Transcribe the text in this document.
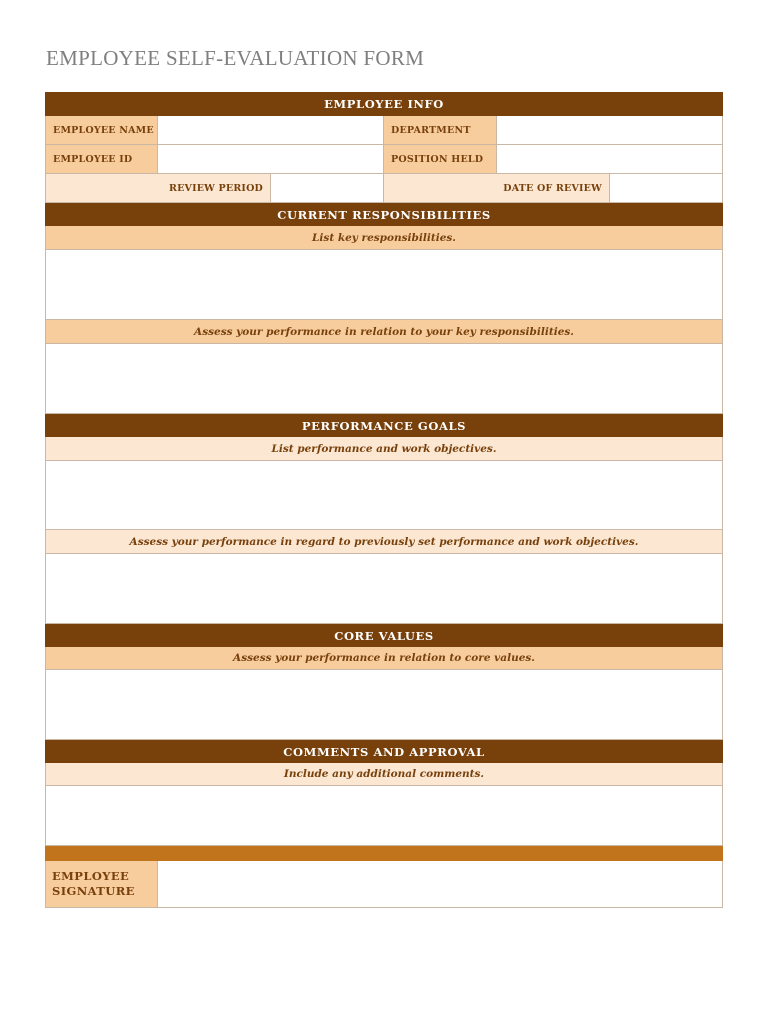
EMPLOYEE SELF-EVALUATION FORM
EMPLOYEE INFO
EMPLOYEE NAME	DEPARTMENT
EMPLOYEE ID	POSITION HELD
REVIEW PERIOD	DATE OF REVIEW
CURRENT RESPONSIBILITIES
List key responsibilities.
Assess your performance in relation to your key responsibilities.
PERFORMANCE GOALS
List performance and work objectives.
Assess your performance in regard to previously set performance and work objectives.
CORE VALUES
Assess your performance in relation to core values.
COMMENTS AND APPROVAL
Include any additional comments.
EMPLOYEE SIGNATURE
